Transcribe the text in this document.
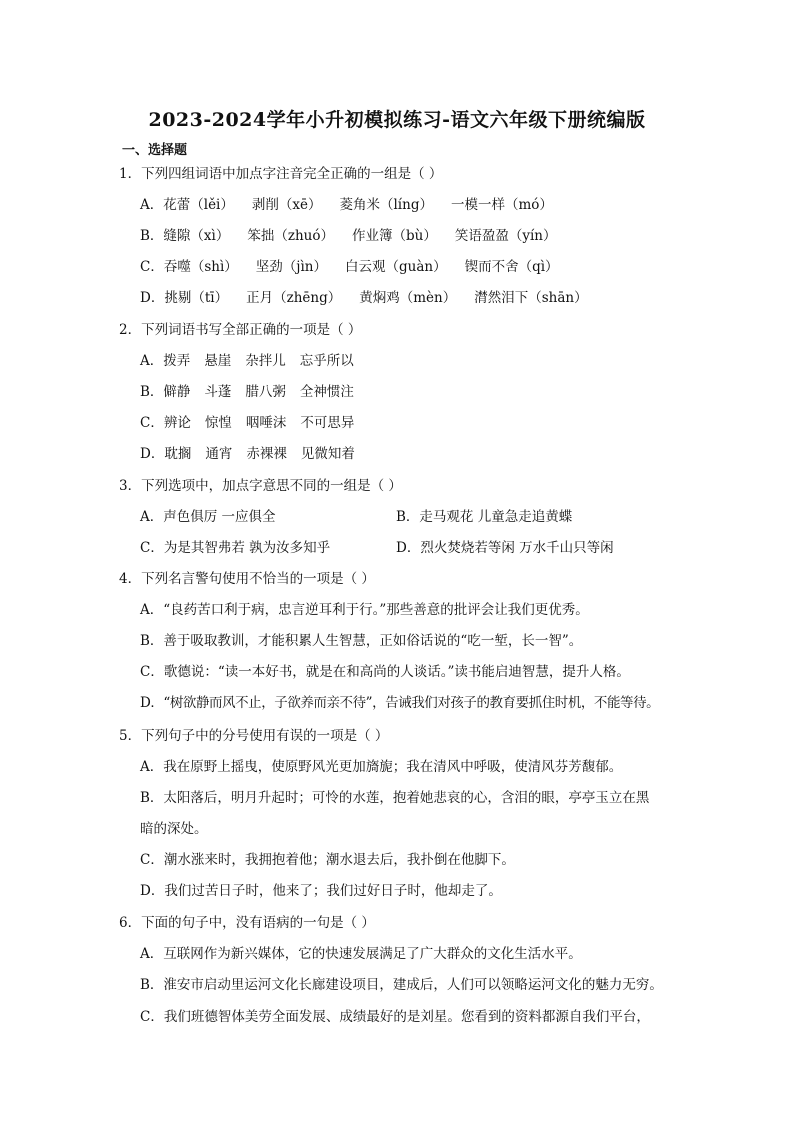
2023-2024学年小升初模拟练习-语文六年级下册统编版
一、选择题
1．下列四组词语中加点字注音完全正确的一组是（ ）
A．花蕾（lěi） 剥削（xē） 菱角米（líng） 一模一样（mó）
B．缝隙（xì） 笨拙（zhuó） 作业簿（bù） 笑语盈盈（yín）
C．吞噬（shì） 坚劲（jìn） 白云观（guàn） 锲而不舍（qì）
D．挑剔（tī） 正月（zhēng） 黄焖鸡（mèn） 潸然泪下（shān）
2．下列词语书写全部正确的一项是（ ）
A．拨弄 悬崖 杂拌儿 忘乎所以
B．僻静 斗蓬 腊八粥 全神惯注
C．辨论 惊惶 咽唾沫 不可思异
D．耽搁 通宵 赤裸裸 见微知着
3．下列选项中，加点字意思不同的一组是（ ）
A．声色俱厉 一应俱全	B．走马观花 儿童急走追黄蝶
C．为是其智弗若 孰为汝多知乎	D．烈火焚烧若等闲 万水千山只等闲
4．下列名言警句使用不恰当的一项是（ ）
A．“良药苦口利于病，忠言逆耳利于行。”那些善意的批评会让我们更优秀。
B．善于吸取教训，才能积累人生智慧，正如俗话说的“吃一堑，长一智”。
C．歌德说：“读一本好书，就是在和高尚的人谈话。”读书能启迪智慧，提升人格。
D．“树欲静而风不止，子欲养而亲不待”，告诫我们对孩子的教育要抓住时机，不能等待。
5．下列句子中的分号使用有误的一项是（ ）
A．我在原野上摇曳，使原野风光更加旖旎；我在清风中呼吸，使清风芬芳馥郁。
B．太阳落后，明月升起时；可怜的水莲，抱着她悲哀的心，含泪的眼，亭亭玉立在黑
暗的深处。
C．潮水涨来时，我拥抱着他；潮水退去后，我扑倒在他脚下。
D．我们过苦日子时，他来了；我们过好日子时，他却走了。
6．下面的句子中，没有语病的一句是（ ）
A．互联网作为新兴媒体，它的快速发展满足了广大群众的文化生活水平。
B．淮安市启动里运河文化长廊建设项目，建成后，人们可以领略运河文化的魅力无穷。
C．我们班德智体美劳全面发展、成绩最好的是刘星。您看到的资料都源自我们平台，
